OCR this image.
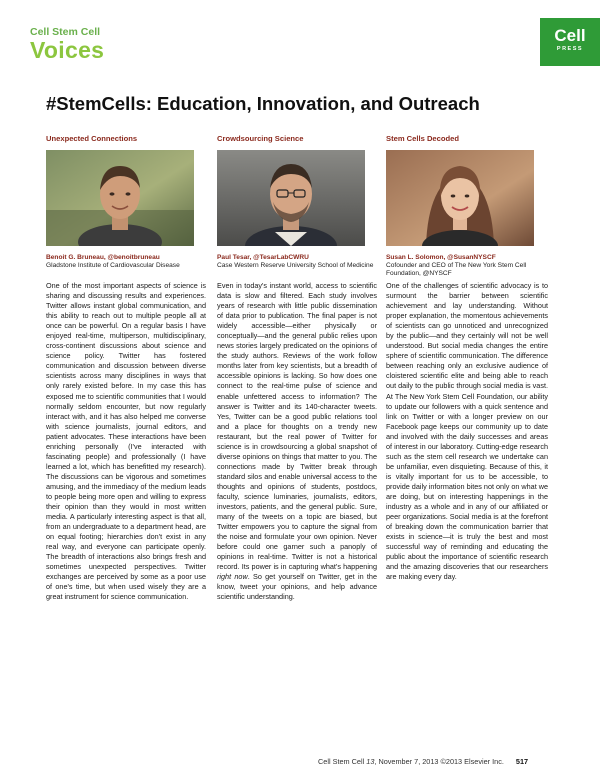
Cell Stem Cell
Voices
Cell
PRESS
#StemCells: Education, Innovation, and Outreach
Unexpected Connections
Benoit G. Bruneau, @benoitbruneau
Gladstone Institute of Cardiovascular Disease
Crowdsourcing Science
Paul Tesar, @TesarLabCWRU
Case Western Reserve University School of Medicine
Stem Cells Decoded
Susan L. Solomon, @SusanNYSCF
Cofounder and CEO of The New York Stem Cell Foundation, @NYSCF

One of the most important aspects of science is sharing and discussing results and experiences. Twitter allows instant global communication, and this ability to reach out to multiple people all at once can be powerful. On a regular basis I have enjoyed real-time, multiperson, multidisciplinary, cross-continent discussions about science and science policy. Twitter has fostered communication and discussion between diverse scientists across many disciplines in ways that only rarely existed before. In my case this has exposed me to scientific communities that I would normally seldom encounter, but now regularly interact with, and it has also helped me converse with science journalists, journal editors, and patient advocates. These interactions have been enriching personally (I've interacted with fascinating people) and professionally (I have learned a lot, which has benefitted my research). The discussions can be vigorous and sometimes amusing, and the immediacy of the medium leads to people being more open and willing to express their opinion than they would in most written media. A particularly interesting aspect is that all, from an undergraduate to a department head, are on equal footing; hierarchies don't exist in any real way, and everyone can participate openly. The breadth of interactions also brings fresh and sometimes unexpected perspectives. Twitter exchanges are perceived by some as a poor use of one's time, but when used wisely they are a great instrument for science communication.

Even in today's instant world, access to scientific data is slow and filtered. Each study involves years of research with little public dissemination of data prior to publication. The final paper is not widely accessible—either physically or conceptually—and the general public relies upon news stories largely predicated on the opinions of the study authors. Reviews of the work follow months later from key scientists, but a breadth of accessible opinions is lacking. So how does one connect to the real-time pulse of science and enable unfettered access to information? The answer is Twitter and its 140-character tweets. Yes, Twitter can be a good public relations tool and a place for thoughts on a trendy new restaurant, but the real power of Twitter for science is in crowdsourcing a global snapshot of diverse opinions on things that matter to you. The connections made by Twitter break through standard silos and enable universal access to the thoughts and opinions of students, postdocs, faculty, science luminaries, journalists, editors, investors, patients, and the general public. Sure, many of the tweets on a topic are biased, but Twitter empowers you to capture the signal from the noise and formulate your own opinion. Never before could one garner such a panoply of opinions in real-time. Twitter is not a historical record. Its power is in capturing what's happening right now. So get yourself on Twitter, get in the know, tweet your opinions, and help advance scientific understanding.

One of the challenges of scientific advocacy is to surmount the barrier between scientific achievement and lay understanding. Without proper explanation, the momentous achievements of scientists can go unnoticed and unrecognized by the public—and they certainly will not be well understood. But social media changes the entire sphere of scientific communication. The difference between reaching only an exclusive audience of cloistered scientific elite and being able to reach out daily to the public through social media is vast. At The New York Stem Cell Foundation, our ability to update our followers with a quick sentence and link on Twitter or with a longer preview on our Facebook page keeps our community up to date and involved with the daily successes and areas of interest in our laboratory. Cutting-edge research such as the stem cell research we undertake can be unfamiliar, even disquieting. Because of this, it is vitally important for us to be accessible, to provide daily information bites not only on what we are doing, but on interesting happenings in the industry as a whole and in any of our affiliated or peer organizations. Social media is at the forefront of breaking down the communication barrier that exists in science—it is truly the best and most successful way of reminding and educating the public about the importance of scientific research and the amazing discoveries that our researchers are making every day.

Cell Stem Cell 13, November 7, 2013 ©2013 Elsevier Inc. 517
